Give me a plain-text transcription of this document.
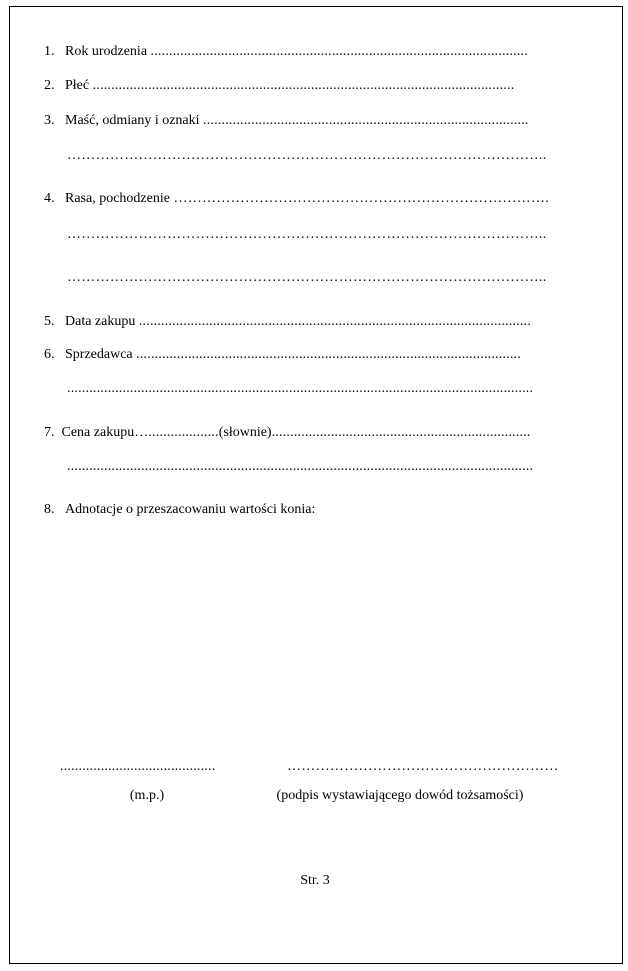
1. Rok urodzenia ......................................................................................................
2. Płeć ..................................................................................................................
3. Maść, odmiany i oznaki ........................................................................................
………………………………………………………………………………………..
4. Rasa, pochodzenie …………………………………………………………………….
………………………………………………………………………………………..
………………………………………………………………………………………..
5. Data zakupu ..........................................................................................................
6. Sprzedawca ........................................................................................................
..............................................................................................................................
7. Cena zakupu…...................(słownie)......................................................................
..............................................................................................................................
8. Adnotacje o przeszacowaniu wartości konia:
..........................................	…………………………………………………
(m.p.)	(podpis wystawiającego dowód tożsamości)
Str. 3
